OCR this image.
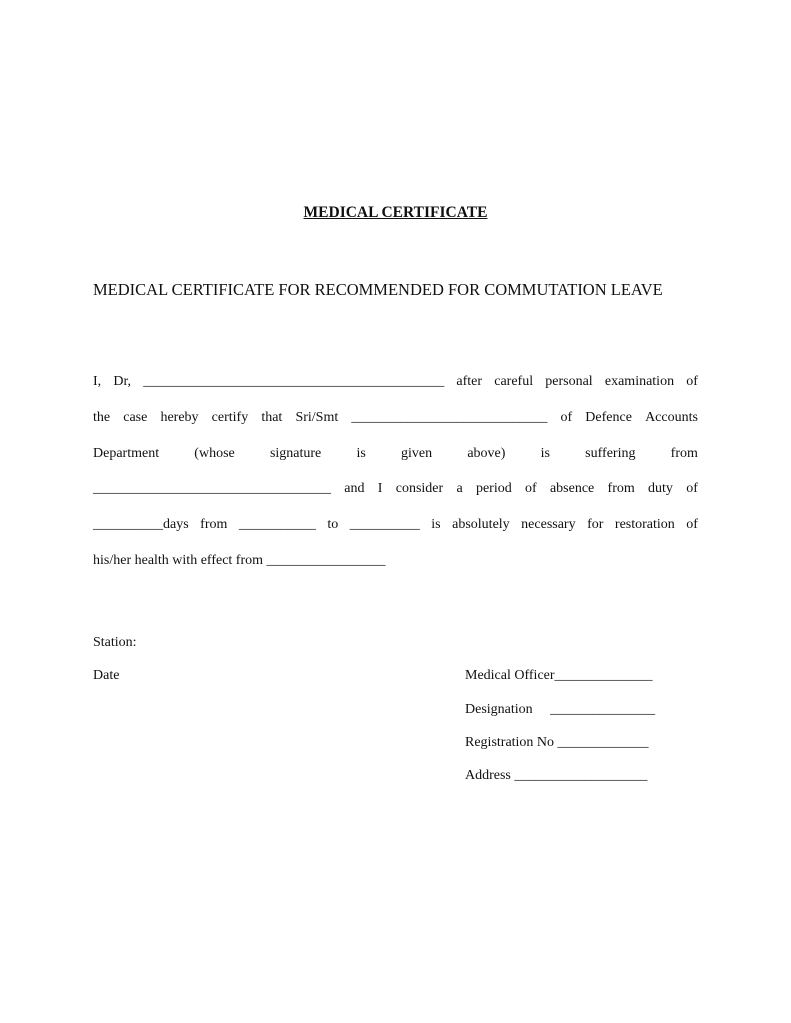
MEDICAL CERTIFICATE
MEDICAL CERTIFICATE FOR RECOMMENDED FOR COMMUTATION LEAVE
I, Dr, ___________________________________________ after careful personal examination of
the case hereby certify that Sri/Smt ____________________________ of Defence Accounts
Department	(whose	signature	is	given	above)	is	suffering	from
__________________________________ and I consider a period of absence from duty of
__________days from ___________ to __________ is absolutely necessary for restoration of
his/her health with effect from _________________
Station:
Date	Medical Officer______________
Designation     _______________
Registration No _____________
Address ___________________
